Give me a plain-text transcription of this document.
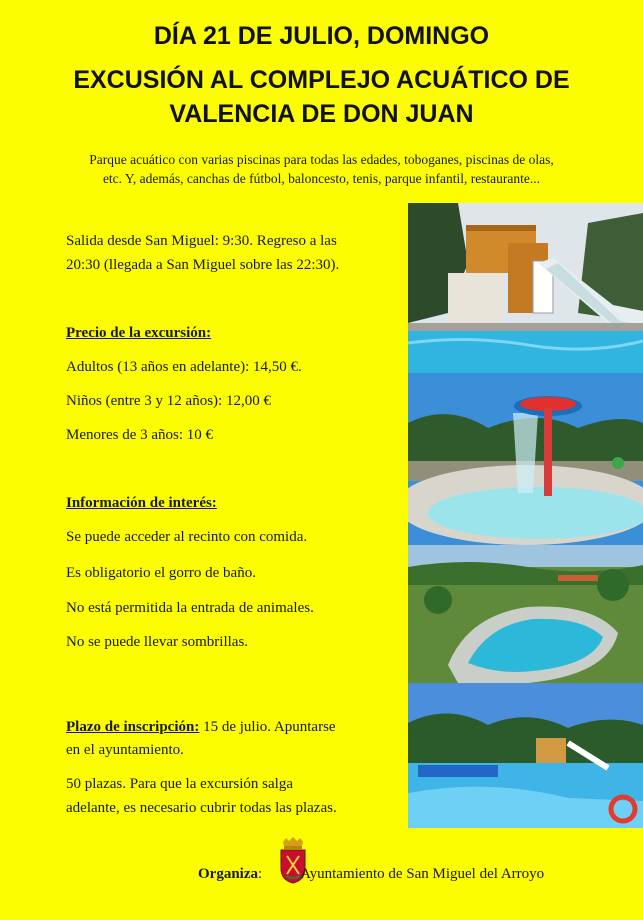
DÍA 21 DE JULIO, DOMINGO
EXCUSIÓN AL COMPLEJO ACUÁTICO DE
VALENCIA DE DON JUAN
Parque acuático con varias piscinas para todas las edades, toboganes, piscinas de olas,
etc. Y, además, canchas de fútbol, baloncesto, tenis, parque infantil, restaurante...
Salida desde San Miguel: 9:30. Regreso a las
20:30 (llegada a San Miguel sobre las 22:30).
Precio de la excursión:
Adultos (13 años en adelante): 14,50 €.
Niños (entre 3 y 12 años): 12,00 €
Menores de 3 años: 10 €
Información de interés:
Se puede acceder al recinto con comida.
Es obligatorio el gorro de baño.
No está permitida la entrada de animales.
No se puede llevar sombrillas.
Plazo de inscripción: 15 de julio. Apuntarse
en el ayuntamiento.
50 plazas. Para que la excursión salga
adelante, es necesario cubrir todas las plazas.
Organiza:	Ayuntamiento de San Miguel del Arroyo
